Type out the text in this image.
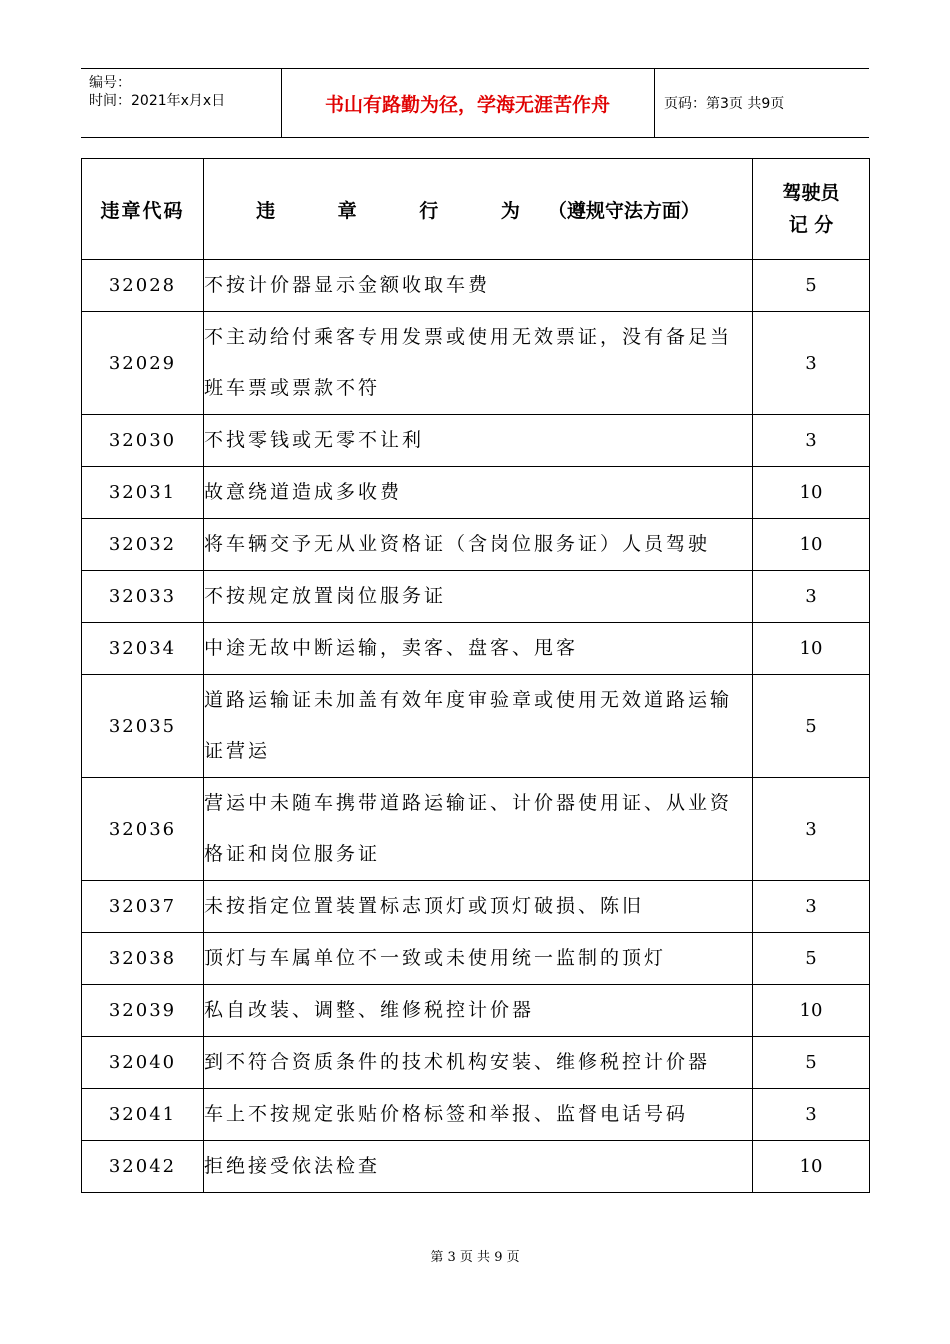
编号：
时间：2021年x月x日	书山有路勤为径，学海无涯苦作舟	页码：第3页 共9页
违章代码	违 章 行 为（遵规守法方面）	驾驶员
记 分

32028	不按计价器显示金额收取车费	5
32029	不主动给付乘客专用发票或使用无效票证，没有备足当班车票或票款不符	3
32030	不找零钱或无零不让利	3
32031	故意绕道造成多收费	10
32032	将车辆交予无从业资格证（含岗位服务证）人员驾驶	10
32033	不按规定放置岗位服务证	3
32034	中途无故中断运输，卖客、盘客、甩客	10
32035	道路运输证未加盖有效年度审验章或使用无效道路运输证营运	5
32036	营运中未随车携带道路运输证、计价器使用证、从业资格证和岗位服务证	3
32037	未按指定位置装置标志顶灯或顶灯破损、陈旧	3
32038	顶灯与车属单位不一致或未使用统一监制的顶灯	5
32039	私自改装、调整、维修税控计价器	10
32040	到不符合资质条件的技术机构安装、维修税控计价器	5
32041	车上不按规定张贴价格标签和举报、监督电话号码	3
32042	拒绝接受依法检查	10
第 3 页 共 9 页
